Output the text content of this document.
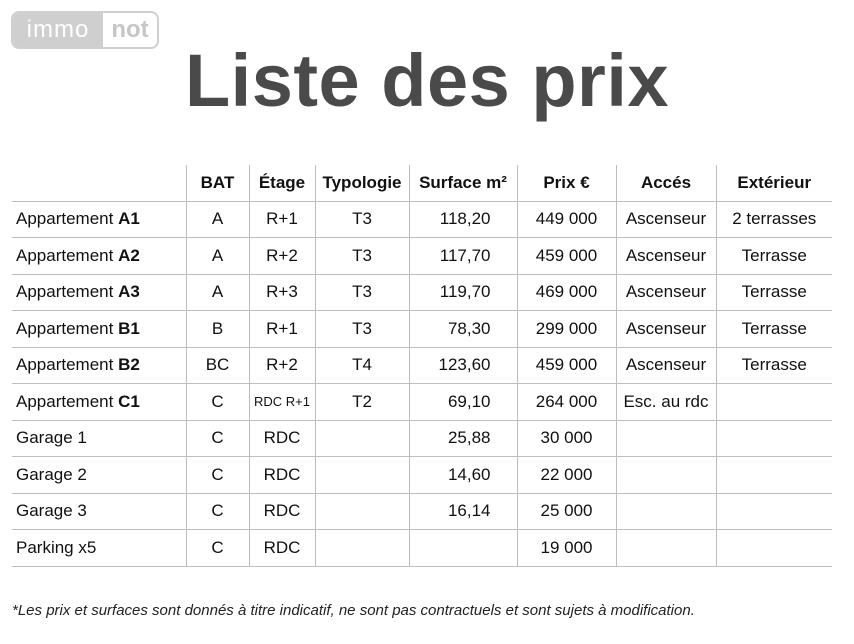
immo not
Liste des prix
	BAT	Étage	Typologie	Surface m²	Prix €	Accés	Extérieur
Appartement A1	A	R+1	T3	118,20	449 000	Ascenseur	2 terrasses
Appartement A2	A	R+2	T3	117,70	459 000	Ascenseur	Terrasse
Appartement A3	A	R+3	T3	119,70	469 000	Ascenseur	Terrasse
Appartement B1	B	R+1	T3	78,30	299 000	Ascenseur	Terrasse
Appartement B2	BC	R+2	T4	123,60	459 000	Ascenseur	Terrasse
Appartement C1	C	RDC R+1	T2	69,10	264 000	Esc. au rdc	
Garage 1	C	RDC		25,88	30 000		
Garage 2	C	RDC		14,60	22 000		
Garage 3	C	RDC		16,14	25 000		
Parking x5	C	RDC			19 000		

*Les prix et surfaces sont donnés à titre indicatif, ne sont pas contractuels et sont sujets à modification.
